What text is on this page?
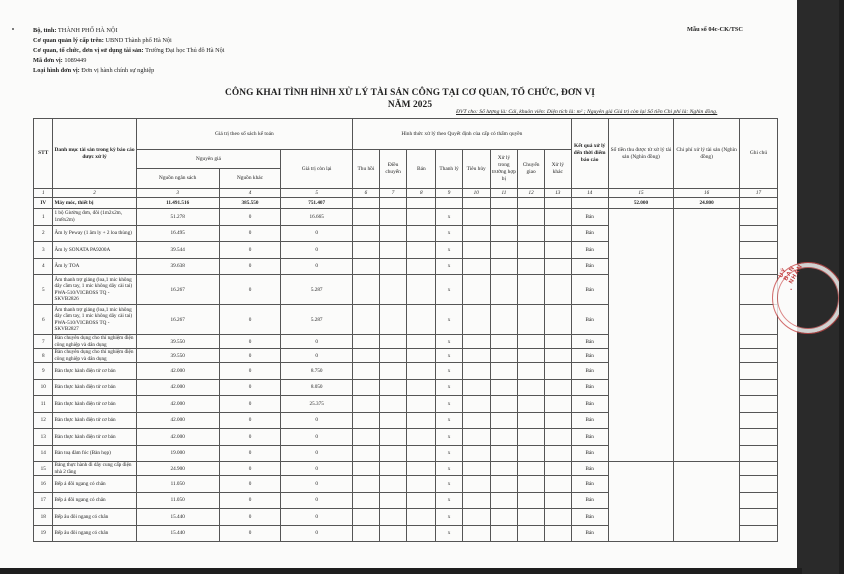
Bộ, tỉnh: THÀNH PHỐ HÀ NỘI
Cơ quan quản lý cấp trên: UBND Thành phố Hà Nội
Cơ quan, tổ chức, đơn vị sử dụng tài sản: Trường Đại học Thủ đô Hà Nội
Mã đơn vị: 1089449
Loại hình đơn vị: Đơn vị hành chính sự nghiệp
Mẫu số 04c-CK/TSC
CÔNG KHAI TÌNH HÌNH XỬ LÝ TÀI SẢN CÔNG TẠI CƠ QUAN, TỔ CHỨC, ĐƠN VỊ
NĂM 2025
ĐVT cho: Số lượng là: Cái, khuôn viên: Diện tích là: m² ; Nguyên giá Giá trị còn lại Số tiền Chi phí là: Nghìn đồng.
STT	Danh mục tài sản trong kỳ báo cáo được xử lý	Giá trị theo số sách kế toán			Hình thức xử lý theo Quyết định của cấp có thẩm quyền								Kết quả xử lý đến thời điểm báo cáo	Số tiền thu được từ xử lý tài sản (Nghìn đồng)	Chi phí xử lý tài sản (Nghìn đồng)	Ghi chú
		Nguyên giá		Giá trị còn lại	Thu hồi	Điều chuyển	Bán	Thanh lý	Tiêu hủy	Xử lý trong trường hợp bị	Chuyển giao	Xử lý khác				
		Nguồn ngân sách	Nguồn khác													
1	2	3	4	5	6	7	8	9	10	11	12	13	14	15	16	17
IV	Máy móc, thiết bị	11.491.516	385.550	751.407										52.000	24.800	
1	1 bộ Giường đơn, đôi (1m2x2m, 1m8x2m)	51.278	0	16.665				x					Bán			
2	Âm ly Peway (1 âm ly + 2 loa thùng)	16.495	0	0				x					Bán			
3	Âm ly SONATA PA9200A	39.544	0	0				x					Bán			
4	Âm ly TOA	39.638	0	0				x					Bán			
5	Âm thanh trợ giảng (loa,1 mic không dây cầm tay, 1 mic không dây cài tai) PWA-510/VICBOSS TQ - SKVB2826	16.267	0	5.287				x					Bán			
6	Âm thanh trợ giảng (loa,1 mic không dây cầm tay, 1 mic không dây cài tai) PWA-510/VICBOSS TQ - SKVB2827	16.267	0	5.287				x					Bán			
7	Bàn chuyên dụng cho thí nghiệm điện công nghiệp và dân dụng	39.550	0	0				x					Bán			
8	Bàn chuyên dụng cho thí nghiệm điện công nghiệp và dân dụng	39.550	0	0				x					Bán			
9	Bàn thực hành điện tử cơ bản	42.000	0	8.750				x					Bán			
10	Bàn thực hành điện tử cơ bản	42.000	0	8.050				x					Bán			
11	Bàn thực hành điện tử cơ bản	42.000	0	25.375				x					Bán			
12	Bàn thực hành điện tử cơ bản	42.000	0	0				x					Bán			
13	Bàn thực hành điện tử cơ bản	42.000	0	0				x					Bán			
14	Bàn toạ đàm fóc (Bàn họp)	19.000	0	0				x					Bán			
15	Bảng thực hành đi dây cung cấp điện nhà 2 tầng	24.900	0	0				x					Bán			
16	Bếp á đôi ngang có chân	11.050	0	0				x					Bán			
17	Bếp á đôi ngang có chân	11.050	0	0				x					Bán			
18	Bếp âu đôi ngang có chân	15.440	0	0				x					Bán			
19	Bếp âu đôi ngang có chân	15.440	0	0				x					Bán			
UỶ BAN NHÂN
·
